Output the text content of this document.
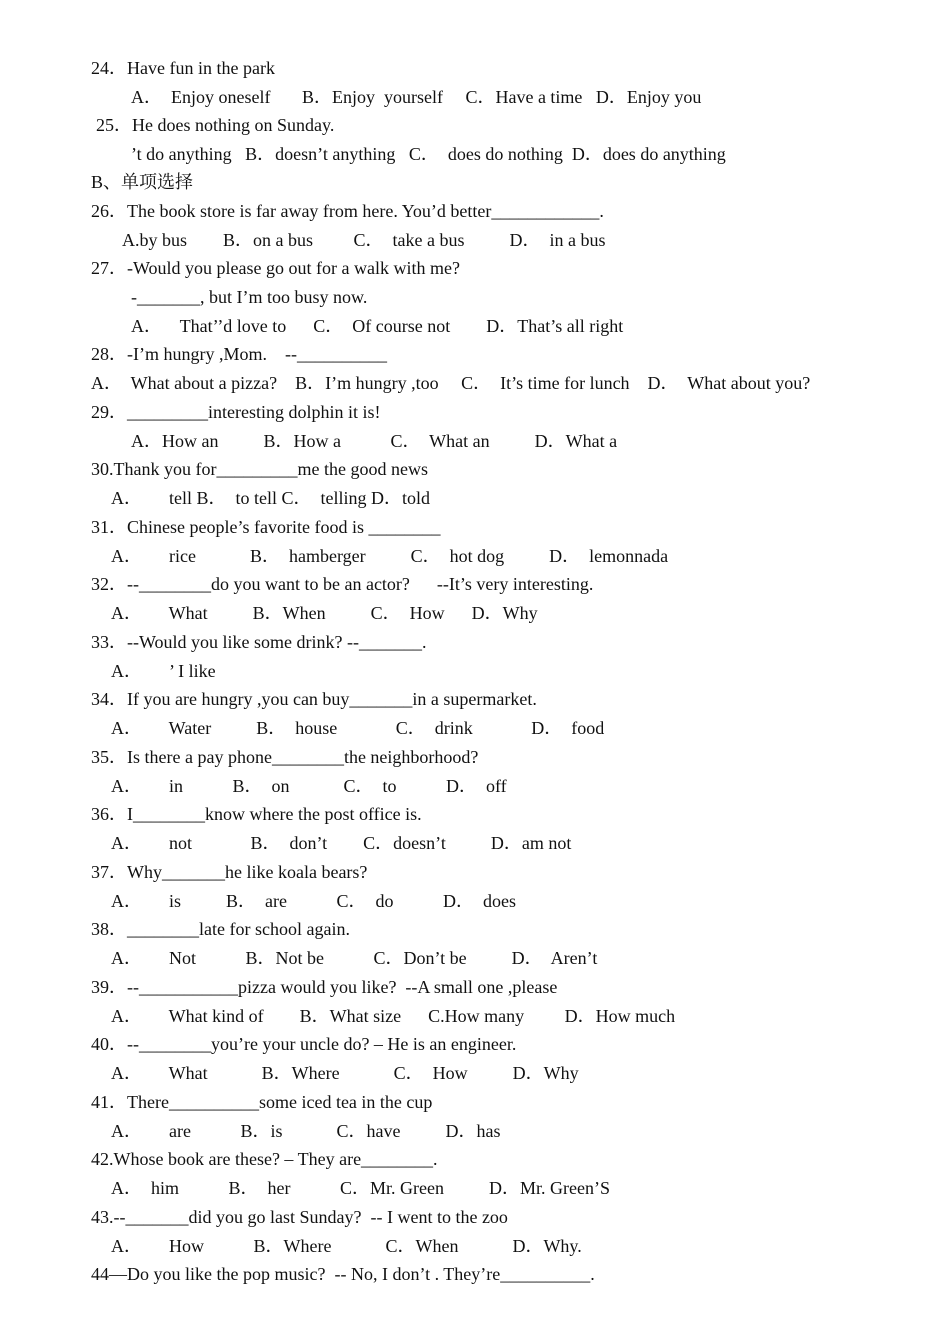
24．Have fun in the park
A．  Enjoy oneself       B．Enjoy  yourself     C．Have a time   D．Enjoy you
25．He does nothing on Sunday.
’t do anything   B．doesn’t anything   C．  does do nothing  D．does do anything
B、单项选择
26．The book store is far away from here. You’d better____________.
A.by bus        B．on a bus         C．  take a bus          D．  in a bus
27．-Would you please go out for a walk with me?
-_______, but I’m too busy now.
A．    That’’d love to      C．  Of course not        D．That’s all right
28．-I’m hungry ,Mom.    --__________
A．  What about a pizza?    B．I’m hungry ,too     C．  It’s time for lunch    D．  What about you?
29．_________interesting dolphin it is!
A．How an          B．How a           C．  What an          D．What a
30.Thank you for_________me the good news
A．      tell B．  to tell C．  telling D．told
31．Chinese people’s favorite food is ________
A．      rice            B．  hamberger          C．  hot dog          D．  lemonnada
32．--________do you want to be an actor?      --It’s very interesting.
A．      What          B．When          C．  How      D．Why
33．--Would you like some drink? --_______.
A．      ’ I like
34．If you are hungry ,you can buy_______in a supermarket.
A．      Water          B．  house             C．  drink             D．  food
35．Is there a pay phone________the neighborhood?
A．      in           B．  on            C．  to           D．  off
36．I________know where the post office is.
A．      not             B．  don’t        C．doesn’t          D．am not
37．Why_______he like koala bears?
A．      is          B．  are           C．  do           D．  does
38．________late for school again.
A．      Not           B．Not be           C．Don’t be          D．  Aren’t
39．--___________pizza would you like?  --A small one ,please
A．      What kind of        B．What size      C.How many         D．How much
40．--________you’re your uncle do? – He is an engineer.
A．      What            B．Where            C．  How          D．Why
41．There__________some iced tea in the cup
A．      are           B．is            C．have          D．has
42.Whose book are these? – They are________.
A．  him           B．  her           C．Mr. Green          D．Mr. Green’S
43.--_______did you go last Sunday?  -- I went to the zoo
A．      How           B．Where            C．When            D．Why.
44—Do you like the pop music?  -- No, I don’t . They’re__________.
